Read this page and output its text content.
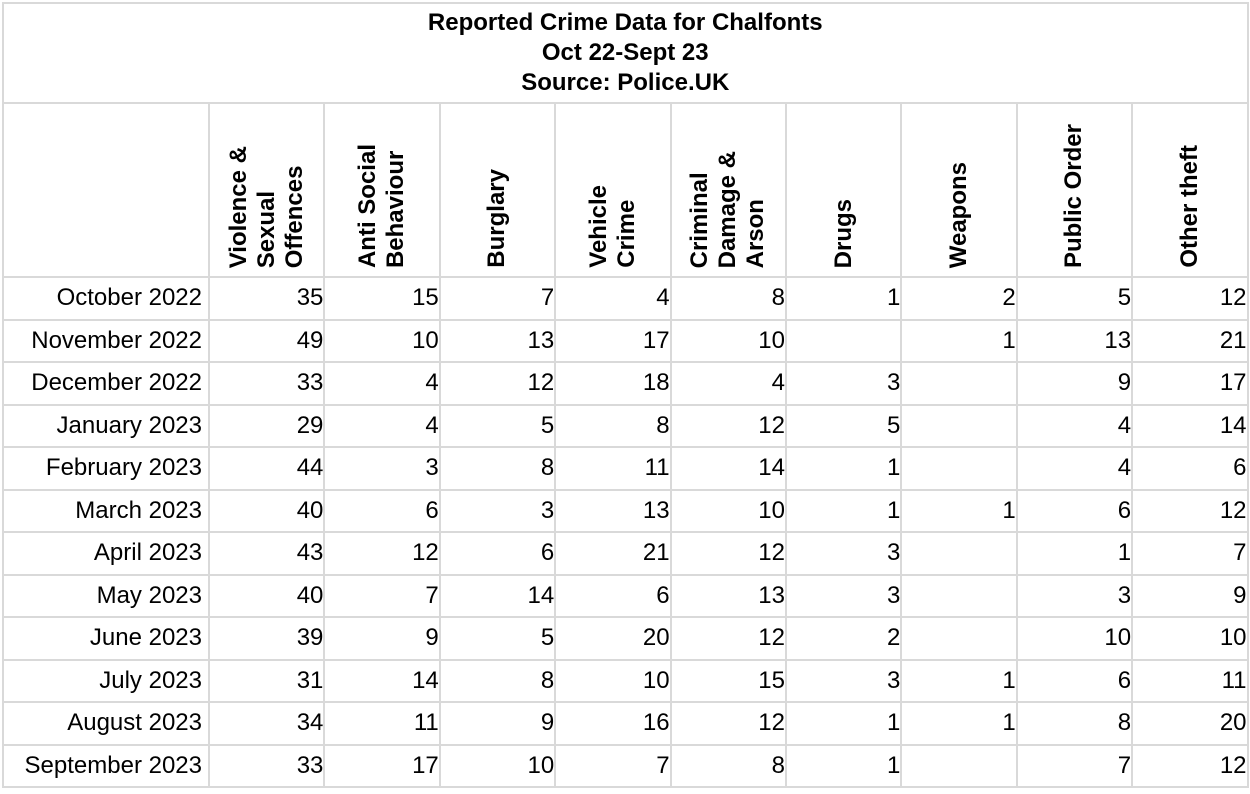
Reported Crime Data for Chalfonts
Oct 22-Sept 23
Source: Police.UK									

	Violence &
Sexual
Offences	Anti Social
Behaviour	Burglary	Vehicle
Crime	Criminal
Damage &
Arson	Drugs	Weapons	Public Order	Other theft

October 2022	35	15	7	4	8	1	2	5	12
November 2022	49	10	13	17	10		1	13	21
December 2022	33	4	12	18	4	3		9	17
January 2023	29	4	5	8	12	5		4	14
February 2023	44	3	8	11	14	1		4	6
March 2023	40	6	3	13	10	1	1	6	12
April 2023	43	12	6	21	12	3		1	7
May 2023	40	7	14	6	13	3		3	9
June 2023	39	9	5	20	12	2		10	10
July 2023	31	14	8	10	15	3	1	6	11
August 2023	34	11	9	16	12	1	1	8	20
September 2023	33	17	10	7	8	1		7	12
